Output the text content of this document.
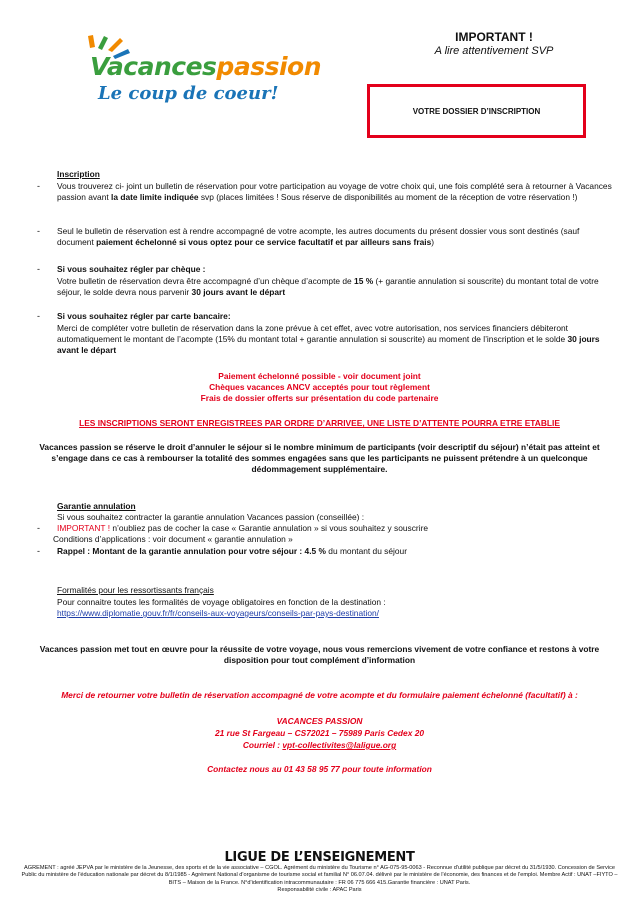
Vacancespassion
Le coup de coeur!
IMPORTANT !
A lire attentivement SVP
VOTRE DOSSIER D’INSCRIPTION
Inscription
- Vous trouverez ci- joint un bulletin de réservation pour votre participation au voyage de votre choix qui, une fois complété sera à retourner à Vacances passion avant la date limite indiquée svp (places limitées ! Sous réserve de disponibilités au moment de la réception de votre réservation !)
- Seul le bulletin de réservation est à rendre accompagné de votre acompte, les autres documents du présent dossier vous sont destinés (sauf document paiement échelonné si vous optez pour ce service facultatif et par ailleurs sans frais)
- Si vous souhaitez régler par chèque :
Votre bulletin de réservation devra être accompagné d’un chèque d’acompte de 15 % (+ garantie annulation si souscrite) du montant total de votre séjour, le solde devra nous parvenir 30 jours avant le départ
- Si vous souhaitez régler par carte bancaire:
Merci de compléter votre bulletin de réservation dans la zone prévue à cet effet, avec votre autorisation, nos services financiers débiteront automatiquement le montant de l’acompte (15% du montant total + garantie annulation si souscrite) au moment de l’inscription et le solde 30 jours avant le départ
Paiement échelonné possible - voir document joint
Chèques vacances ANCV acceptés pour tout règlement
Frais de dossier offerts sur présentation du code partenaire
LES INSCRIPTIONS SERONT ENREGISTREES PAR ORDRE D’ARRIVEE, UNE LISTE D’ATTENTE POURRA ETRE ETABLIE
Vacances passion se réserve le droit d’annuler le séjour si le nombre minimum de participants (voir descriptif du séjour) n’était pas atteint et s’engage dans ce cas à rembourser la totalité des sommes engagées sans que les participants ne puissent prétendre à un quelconque dédommagement supplémentaire.
Garantie annulation
Si vous souhaitez contracter la garantie annulation Vacances passion (conseillée) :
- IMPORTANT ! n’oubliez pas de cocher la case « Garantie annulation » si vous souhaitez y souscrire
Conditions d’applications : voir document « garantie annulation »
- Rappel : Montant de la garantie annulation pour votre séjour : 4.5 % du montant du séjour
Formalités pour les ressortissants français
Pour connaitre toutes les formalités de voyage obligatoires en fonction de la destination :
https://www.diplomatie.gouv.fr/fr/conseils-aux-voyageurs/conseils-par-pays-destination/
Vacances passion met tout en œuvre pour la réussite de votre voyage, nous vous remercions vivement de votre confiance et restons à votre disposition pour tout complément d’information
Merci de retourner votre bulletin de réservation accompagné de votre acompte et du formulaire paiement échelonné (facultatif) à :
VACANCES PASSION
21 rue St Fargeau – CS72021 – 75989 Paris Cedex 20
Courriel : vpt-collectivites@laligue.org
Contactez nous au 01 43 58 95 77 pour toute information
LIGUE DE L’ENSEIGNEMENT
AGREMENT : agréé JEPVA par le ministère de la Jeunesse, des sports et de la vie associative – CGOL. Agrément du ministère du Tourisme n° AG-075-95-0063 - Reconnue d'utilité publique par décret du 31/5/1930. Concession de Service Public du ministère de l'éducation nationale par décret du 8/1/1985 - Agrément National d'organisme de tourisme social et familial N° 06.07.04. délivré par le ministère de l'économie, des finances et de l'emploi. Membre Actif : UNAT –FIYTO – BITS – Maison de la France. N°d'identification intracommunautaire : FR 06 775 666 415.Garantie financière : UNAT Paris.
Responsabilité civile : APAC Paris
